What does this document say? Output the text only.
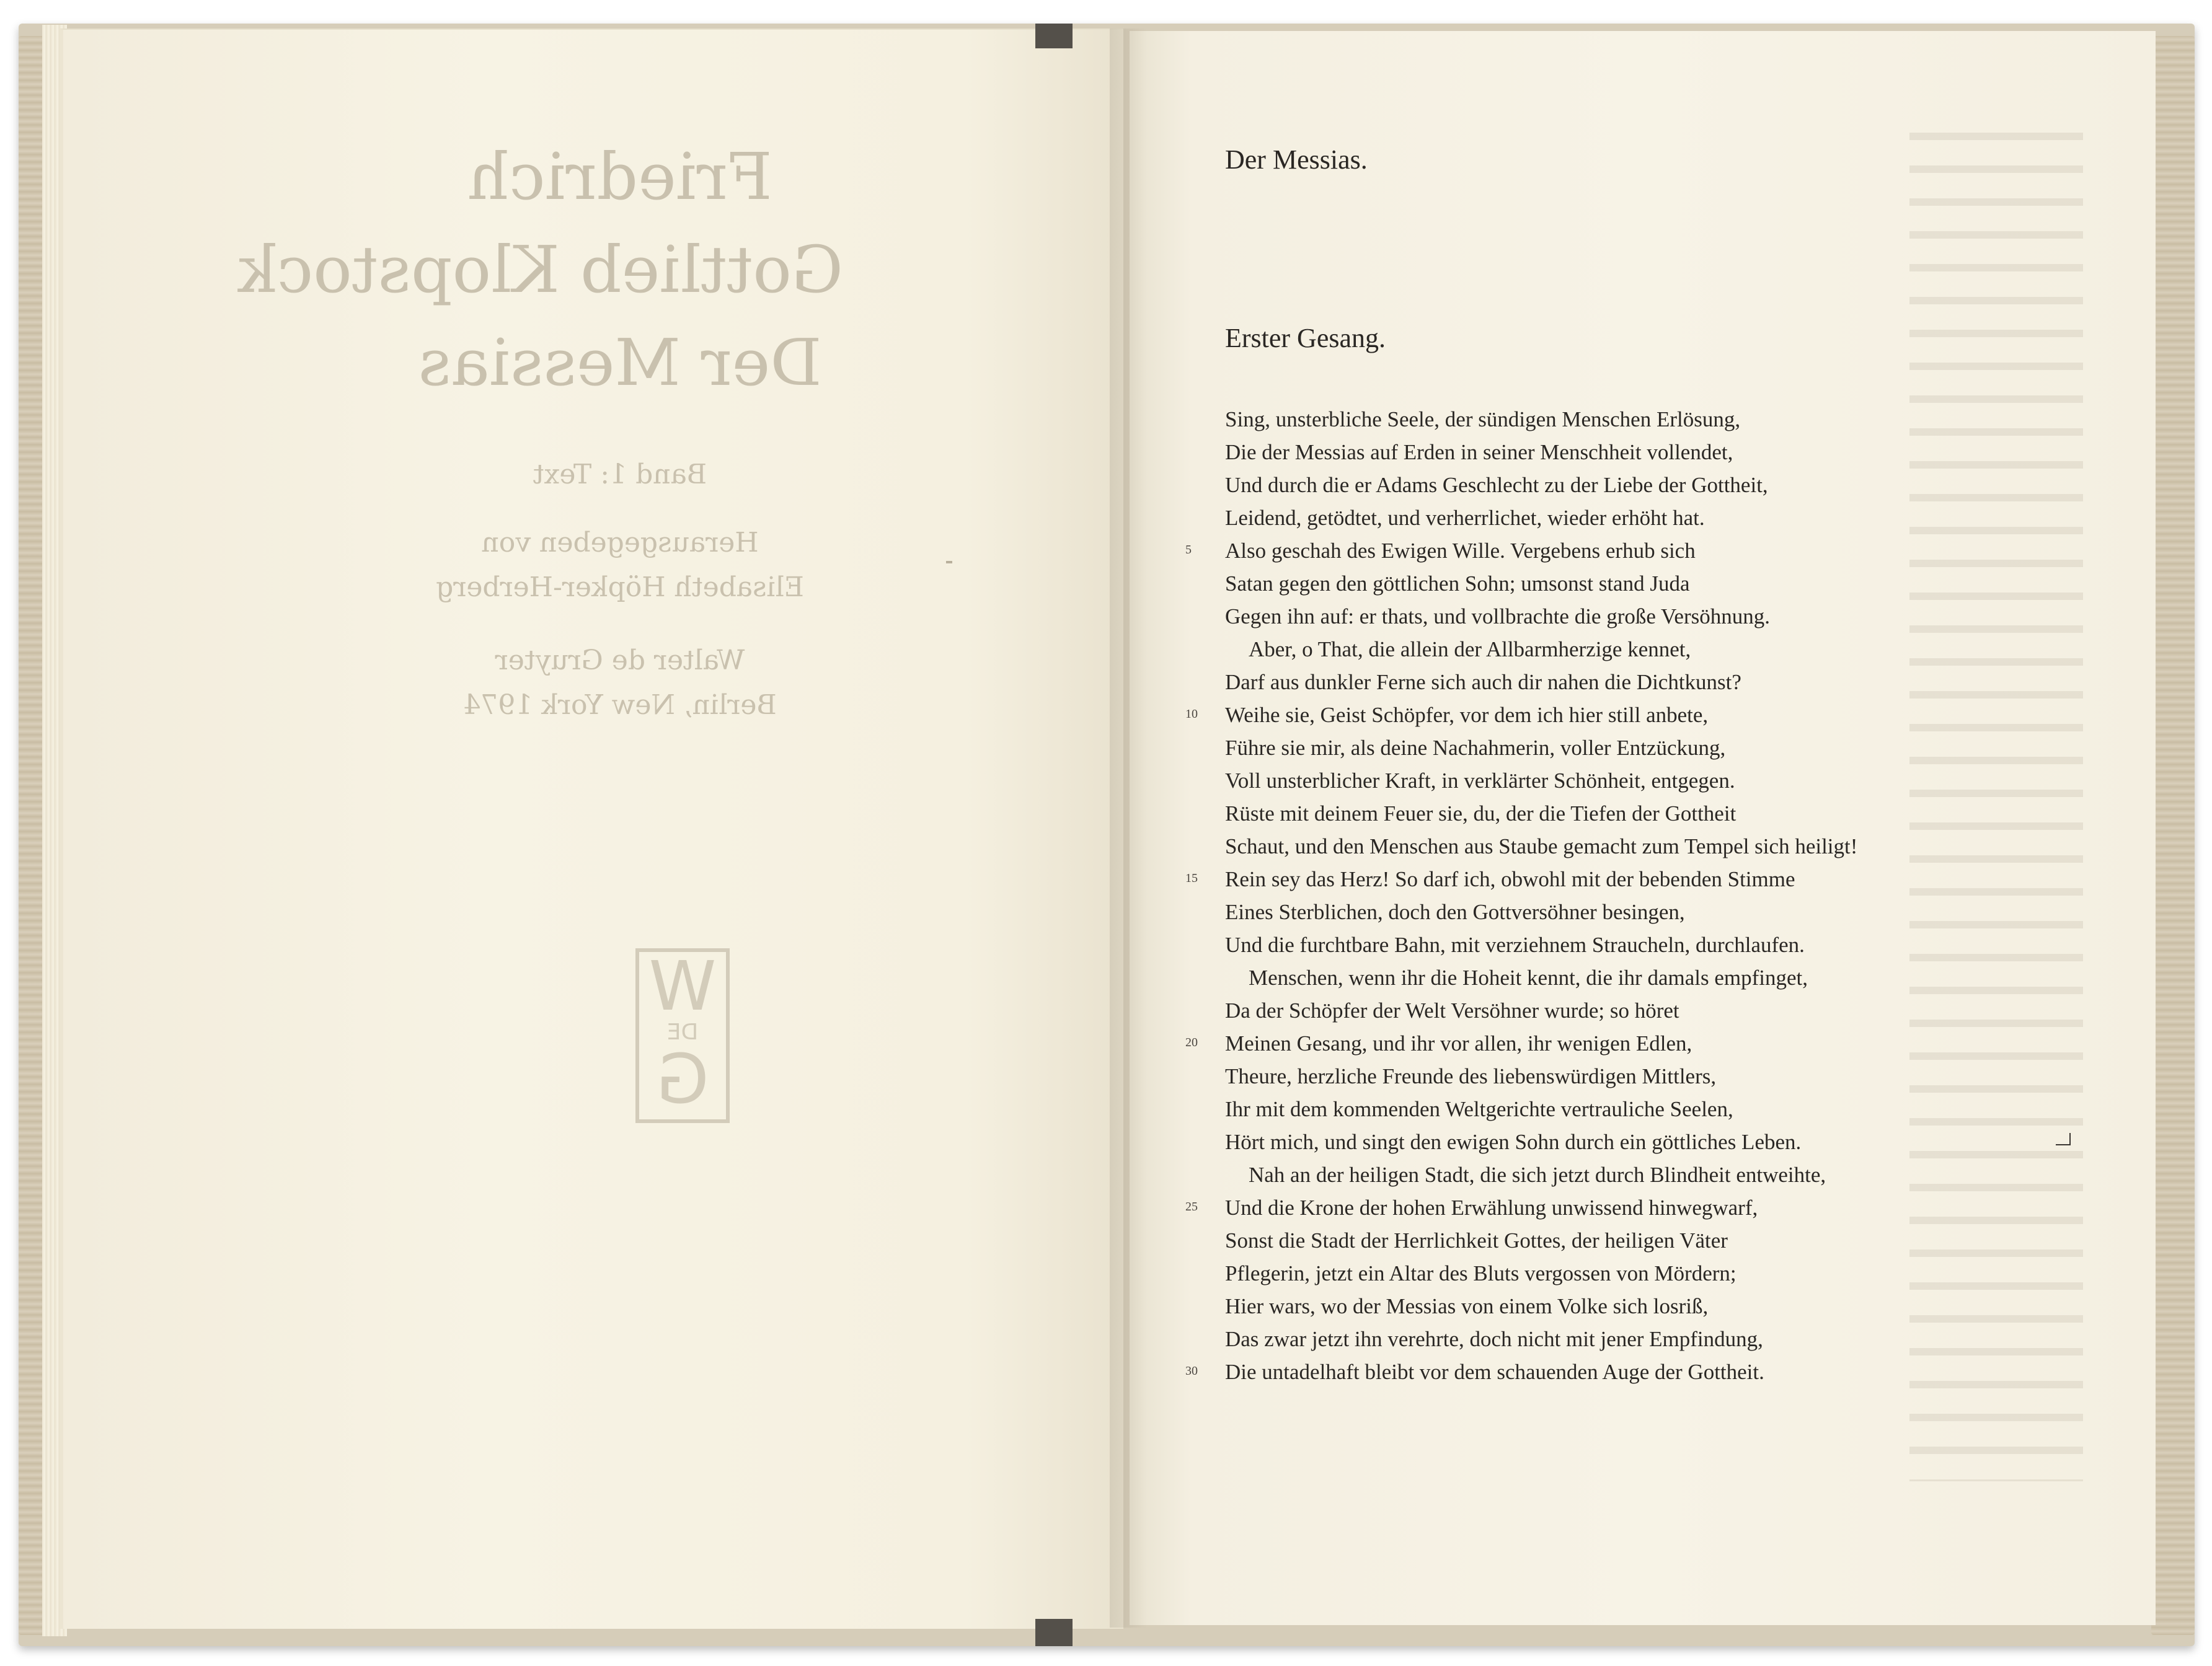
Friedrich
Gottlieb Klopstock
Der Messias
Band 1: Text
Herausgegeben von
Elisabeth Höpker-Herberg
Walter de Gruyter
Berlin, New York 1974
W
DE
G
Der Messias.
Erster Gesang.
Sing, unsterbliche Seele, der sündigen Menschen Erlösung,
Die der Messias auf Erden in seiner Menschheit vollendet,
Und durch die er Adams Geschlecht zu der Liebe der Gottheit,
Leidend, getödtet, und verherrlichet, wieder erhöht hat.
Also geschah des Ewigen Wille. Vergebens erhub sich
5
Satan gegen den göttlichen Sohn; umsonst stand Juda
Gegen ihn auf: er thats, und vollbrachte die große Versöhnung.
Aber, o That, die allein der Allbarmherzige kennet,
Darf aus dunkler Ferne sich auch dir nahen die Dichtkunst?
Weihe sie, Geist Schöpfer, vor dem ich hier still anbete,
10
Führe sie mir, als deine Nachahmerin, voller Entzückung,
Voll unsterblicher Kraft, in verklärter Schönheit, entgegen.
Rüste mit deinem Feuer sie, du, der die Tiefen der Gottheit
Schaut, und den Menschen aus Staube gemacht zum Tempel sich heiligt!
Rein sey das Herz! So darf ich, obwohl mit der bebenden Stimme
15
Eines Sterblichen, doch den Gottversöhner besingen,
Und die furchtbare Bahn, mit verziehnem Straucheln, durchlaufen.
Menschen, wenn ihr die Hoheit kennt, die ihr damals empfinget,
Da der Schöpfer der Welt Versöhner wurde; so höret
Meinen Gesang, und ihr vor allen, ihr wenigen Edlen,
20
Theure, herzliche Freunde des liebenswürdigen Mittlers,
Ihr mit dem kommenden Weltgerichte vertrauliche Seelen,
Hört mich, und singt den ewigen Sohn durch ein göttliches Leben.
Nah an der heiligen Stadt, die sich jetzt durch Blindheit entweihte,
Und die Krone der hohen Erwählung unwissend hinwegwarf,
25
Sonst die Stadt der Herrlichkeit Gottes, der heiligen Väter
Pflegerin, jetzt ein Altar des Bluts vergossen von Mördern;
Hier wars, wo der Messias von einem Volke sich losriß,
Das zwar jetzt ihn verehrte, doch nicht mit jener Empfindung,
Die untadelhaft bleibt vor dem schauenden Auge der Gottheit.
30
